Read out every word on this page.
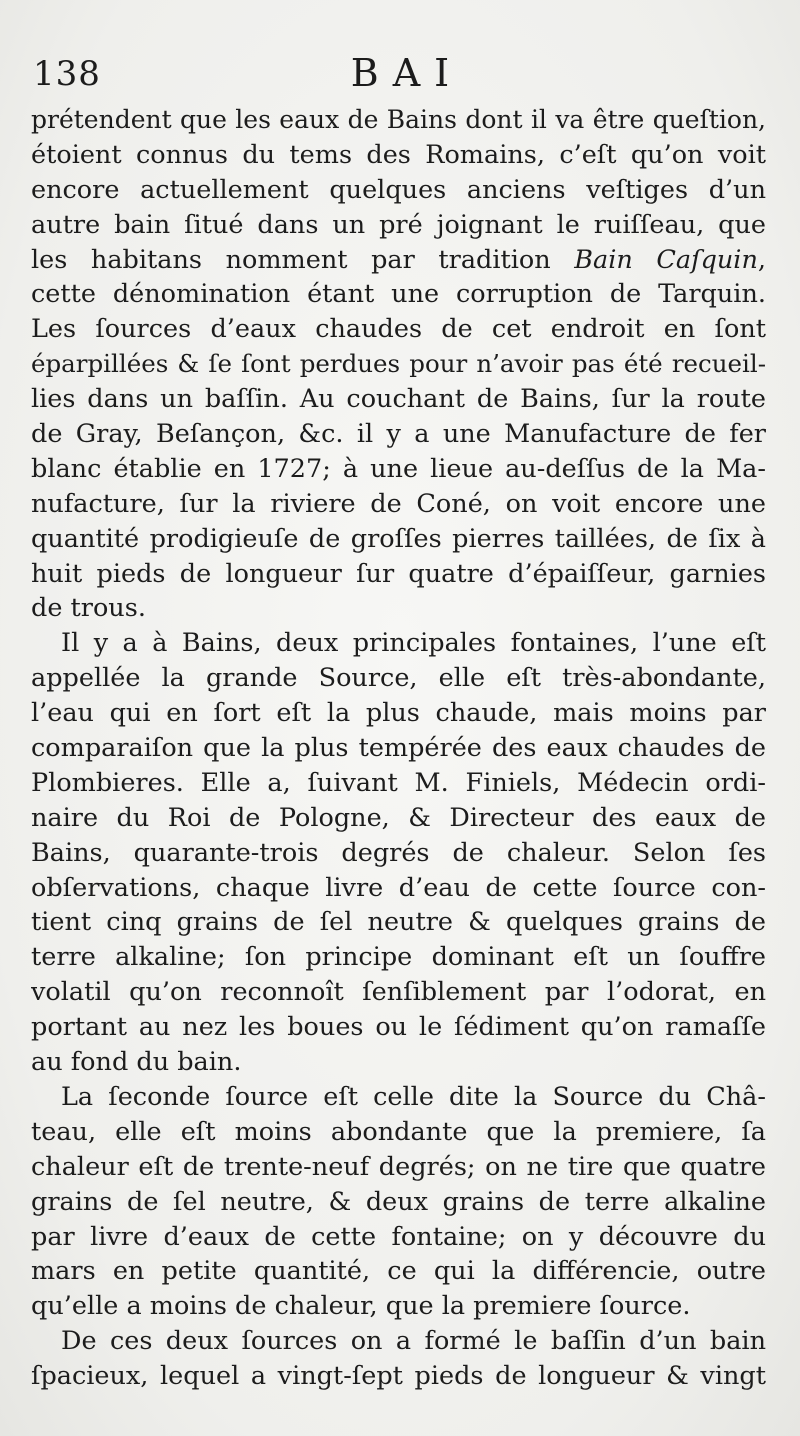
138	BAI
prétendent que les eaux de Bains dont il va être queſtion,
étoient connus du tems des Romains, c’eſt qu’on voit
encore actuellement quelques anciens veſtiges d’un
autre bain ſitué dans un pré joignant le ruiſſeau, que
les habitans nomment par tradition Bain Caſquin,
cette dénomination étant une corruption de Tarquin.
Les ſources d’eaux chaudes de cet endroit en ſont
éparpillées & ſe ſont perdues pour n’avoir pas été recueil-
lies dans un baſſin. Au couchant de Bains, ſur la route
de Gray, Beſançon, &c. il y a une Manufacture de fer
blanc établie en 1727; à une lieue au-deſſus de la Ma-
nufacture, ſur la riviere de Coné, on voit encore une
quantité prodigieuſe de groſſes pierres taillées, de ſix à
huit pieds de longueur ſur quatre d’épaiſſeur, garnies
de trous.
Il y a à Bains, deux principales fontaines, l’une eſt
appellée la grande Source, elle eſt très-abondante,
l’eau qui en ſort eſt la plus chaude, mais moins par
comparaiſon que la plus tempérée des eaux chaudes de
Plombieres. Elle a, ſuivant M. Finiels, Médecin ordi-
naire du Roi de Pologne, & Directeur des eaux de
Bains, quarante-trois degrés de chaleur. Selon ſes
obſervations, chaque livre d’eau de cette ſource con-
tient cinq grains de ſel neutre & quelques grains de
terre alkaline; ſon principe dominant eſt un ſouffre
volatil qu’on reconnoît ſenſiblement par l’odorat, en
portant au nez les boues ou le ſédiment qu’on ramaſſe
au fond du bain.
La ſeconde ſource eſt celle dite la Source du Châ-
teau, elle eſt moins abondante que la premiere, ſa
chaleur eſt de trente-neuf degrés; on ne tire que quatre
grains de ſel neutre, & deux grains de terre alkaline
par livre d’eaux de cette fontaine; on y découvre du
mars en petite quantité, ce qui la différencie, outre
qu’elle a moins de chaleur, que la premiere ſource.
De ces deux ſources on a formé le baſſin d’un bain
ſpacieux, lequel a vingt-ſept pieds de longueur & vingt
